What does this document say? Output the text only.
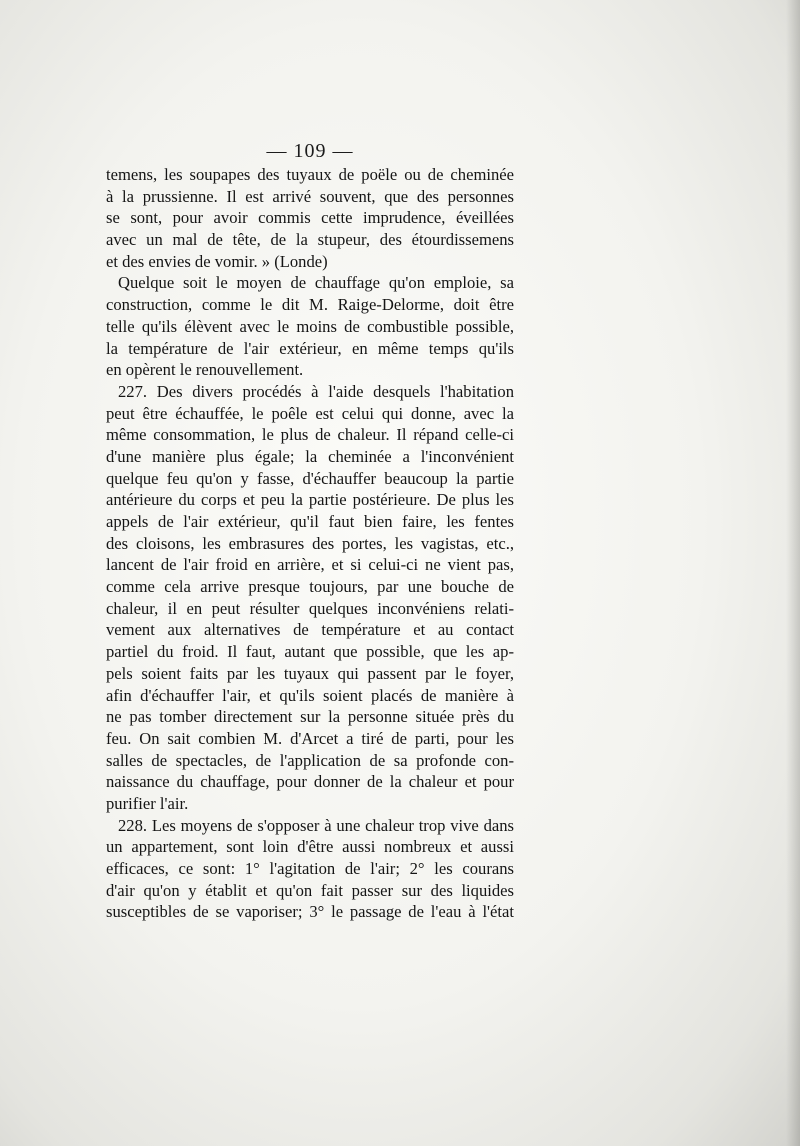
— 109 —
temens, les soupapes des tuyaux de poële ou de cheminée
à la prussienne. Il est arrivé souvent, que des personnes
se sont, pour avoir commis cette imprudence, éveillées
avec un mal de tête, de la stupeur, des étourdissemens
et des envies de vomir. » (Londe)
Quelque soit le moyen de chauffage qu'on emploie, sa
construction, comme le dit M. Raige-Delorme, doit être
telle qu'ils élèvent avec le moins de combustible possible,
la température de l'air extérieur, en même temps qu'ils
en opèrent le renouvellement.
227. Des divers procédés à l'aide desquels l'habitation
peut être échauffée, le poêle est celui qui donne, avec la
même consommation, le plus de chaleur. Il répand celle-ci
d'une manière plus égale; la cheminée a l'inconvénient
quelque feu qu'on y fasse, d'échauffer beaucoup la partie
antérieure du corps et peu la partie postérieure. De plus les
appels de l'air extérieur, qu'il faut bien faire, les fentes
des cloisons, les embrasures des portes, les vagistas, etc.,
lancent de l'air froid en arrière, et si celui-ci ne vient pas,
comme cela arrive presque toujours, par une bouche de
chaleur, il en peut résulter quelques inconvéniens relati-
vement aux alternatives de température et au contact
partiel du froid. Il faut, autant que possible, que les ap-
pels soient faits par les tuyaux qui passent par le foyer,
afin d'échauffer l'air, et qu'ils soient placés de manière à
ne pas tomber directement sur la personne située près du
feu. On sait combien M. d'Arcet a tiré de parti, pour les
salles de spectacles, de l'application de sa profonde con-
naissance du chauffage, pour donner de la chaleur et pour
purifier l'air.
228. Les moyens de s'opposer à une chaleur trop vive dans
un appartement, sont loin d'être aussi nombreux et aussi
efficaces, ce sont: 1° l'agitation de l'air; 2° les courans
d'air qu'on y établit et qu'on fait passer sur des liquides
susceptibles de se vaporiser; 3° le passage de l'eau à l'état
